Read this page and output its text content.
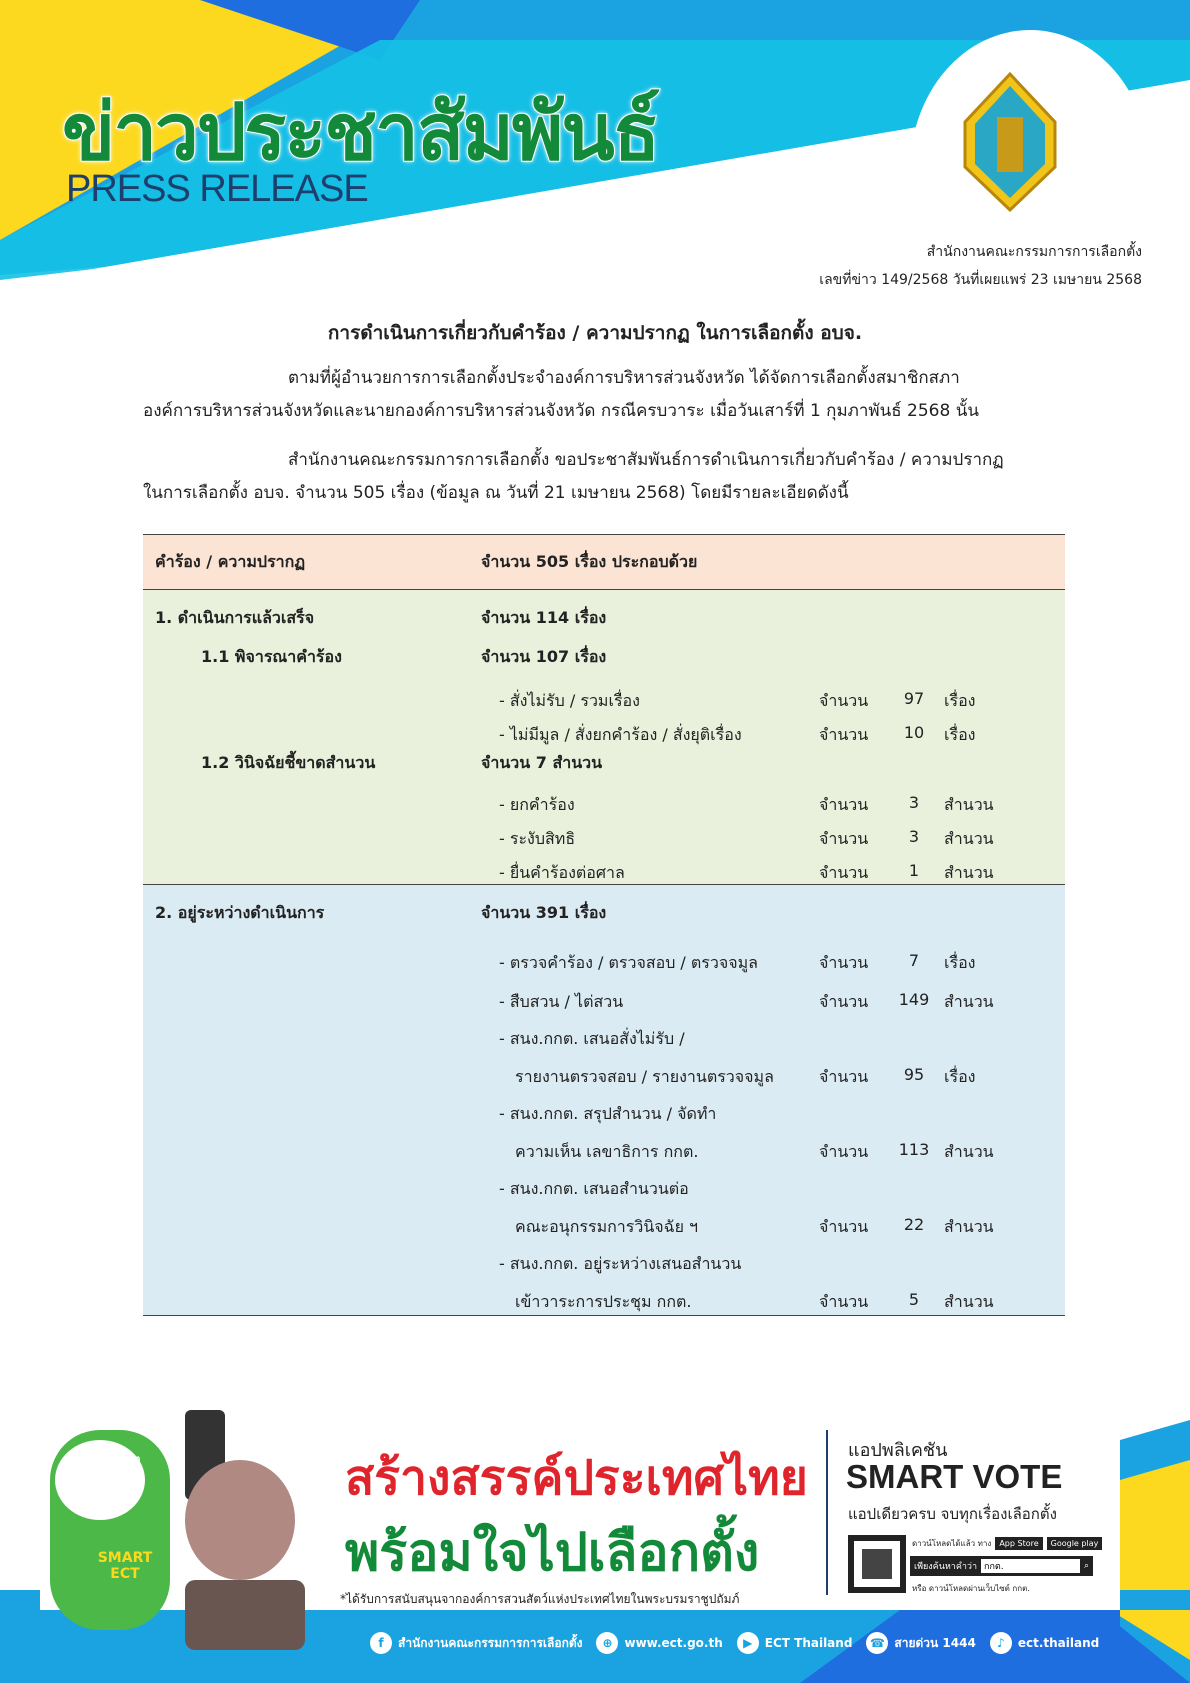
ข่าวประชาสัมพันธ์
PRESS RELEASE
สำนักงานคณะกรรมการการเลือกตั้ง
เลขที่ข่าว 149/2568 วันที่เผยแพร่ 23 เมษายน 2568
การดำเนินการเกี่ยวกับคำร้อง / ความปรากฏ ในการเลือกตั้ง อบจ.
ตามที่ผู้อำนวยการการเลือกตั้งประจำองค์การบริหารส่วนจังหวัด ได้จัดการเลือกตั้งสมาชิกสภา
องค์การบริหารส่วนจังหวัดและนายกองค์การบริหารส่วนจังหวัด กรณีครบวาระ เมื่อวันเสาร์ที่ 1 กุมภาพันธ์ 2568 นั้น
สำนักงานคณะกรรมการการเลือกตั้ง ขอประชาสัมพันธ์การดำเนินการเกี่ยวกับคำร้อง / ความปรากฏ
ในการเลือกตั้ง อบจ. จำนวน 505 เรื่อง (ข้อมูล ณ วันที่ 21 เมษายน 2568) โดยมีรายละเอียดดังนี้
คำร้อง / ความปรากฏ	จำนวน 505 เรื่อง ประกอบด้วย
1. ดำเนินการแล้วเสร็จ	จำนวน 114 เรื่อง
1.1 พิจารณาคำร้อง	จำนวน 107 เรื่อง
- สั่งไม่รับ / รวมเรื่อง	จำนวน	97	เรื่อง
- ไม่มีมูล / สั่งยกคำร้อง / สั่งยุติเรื่อง	จำนวน	10	เรื่อง
1.2 วินิจฉัยชี้ขาดสำนวน	จำนวน 7 สำนวน
- ยกคำร้อง	จำนวน	3	สำนวน
- ระงับสิทธิ	จำนวน	3	สำนวน
- ยื่นคำร้องต่อศาล	จำนวน	1	สำนวน
2. อยู่ระหว่างดำเนินการ	จำนวน 391 เรื่อง
- ตรวจคำร้อง / ตรวจสอบ / ตรวจจมูล	จำนวน	7	เรื่อง
- สืบสวน / ไต่สวน	จำนวน 149 สำนวน
- สนง.กกต. เสนอสั่งไม่รับ /
รายงานตรวจสอบ / รายงานตรวจจมูล	จำนวน	95	เรื่อง
- สนง.กกต. สรุปสำนวน / จัดทำ
ความเห็น เลขาธิการ กกต.	จำนวน 113 สำนวน
- สนง.กกต. เสนอสำนวนต่อ
คณะอนุกรรมการวินิจฉัย ฯ	จำนวน	22	สำนวน
- สนง.กกต. อยู่ระหว่างเสนอสำนวน
เข้าวาระการประชุม กกต.	จำนวน	5	สำนวน
กกต
SMART ECT
สร้างสรรค์ประเทศไทย
พร้อมใจไปเลือกตั้ง
*ได้รับการสนับสนุนจากองค์การสวนสัตว์แห่งประเทศไทยในพระบรมราชูปถัมภ์
แอปพลิเคชัน
SMART VOTE
แอปเดียวครบ จบทุกเรื่องเลือกตั้ง
ดาวน์โหลดได้แล้ว ทาง	App Store	Google play
เพียงค้นหาคำว่า กกต.	⌕
หรือ ดาวน์โหลดผ่านเว็บไซต์ กกต.
f	สำนักงานคณะกรรมการการเลือกตั้ง	⊕ www.ect.go.th	▶	ECT Thailand ☎ สายด่วน 1444	♪	ect.thailand
